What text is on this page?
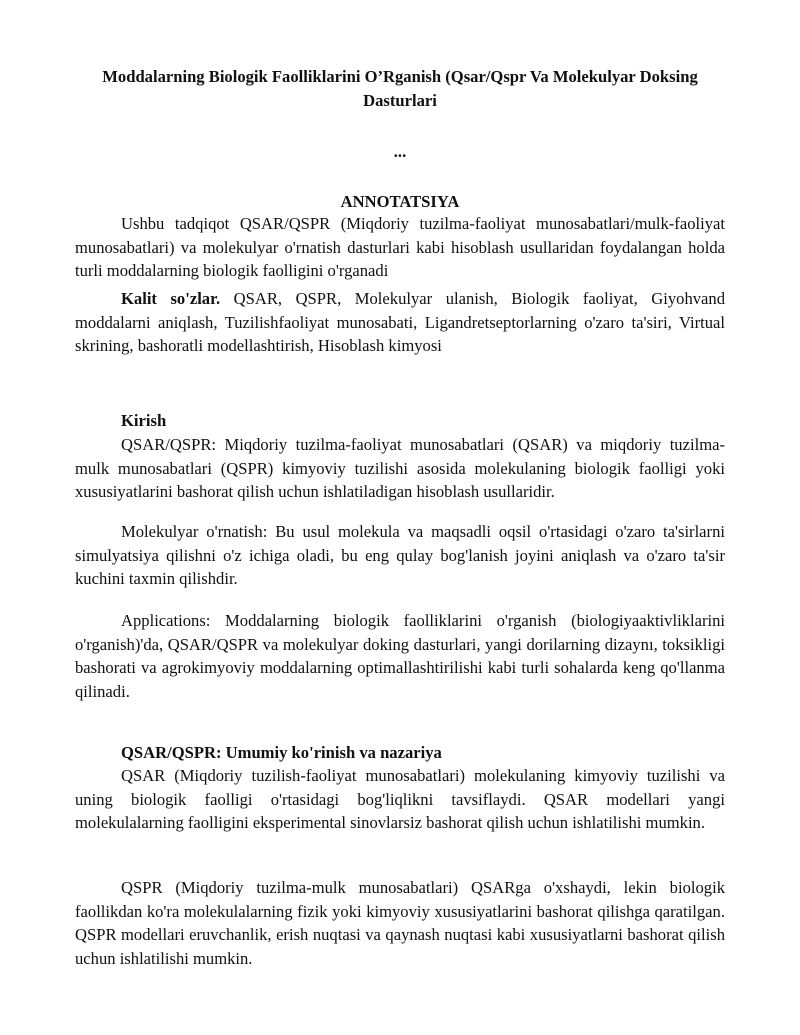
Moddalarning Biologik Faolliklarini O’Rganish (Qsar/Qspr Va Molekulyar Doksing Dasturlari
...
ANNOTATSIYA

Ushbu tadqiqot QSAR/QSPR (Miqdoriy tuzilma-faoliyat munosabatlari/mulk-faoliyat munosabatlari) va molekulyar o'rnatish dasturlari kabi hisoblash usullaridan foydalangan holda turli moddalarning biologik faolligini o'rganadi

Kalit so'zlar. QSAR, QSPR, Molekulyar ulanish, Biologik faoliyat, Giyohvand moddalarni aniqlash, Tuzilishfaoliyat munosabati, Ligandretseptorlarning o'zaro ta'siri, Virtual skrining, bashoratli modellashtirish, Hisoblash kimyosi

Kirish

QSAR/QSPR: Miqdoriy tuzilma-faoliyat munosabatlari (QSAR) va miqdoriy tuzilma-mulk munosabatlari (QSPR) kimyoviy tuzilishi asosida molekulaning biologik faolligi yoki xususiyatlarini bashorat qilish uchun ishlatiladigan hisoblash usullaridir.

Molekulyar o'rnatish: Bu usul molekula va maqsadli oqsil o'rtasidagi o'zaro ta'sirlarni simulyatsiya qilishni o'z ichiga oladi, bu eng qulay bog'lanish joyini aniqlash va o'zaro ta'sir kuchini taxmin qilishdir.

Applications: Moddalarning biologik faolliklarini o'rganish (biologiyaaktivliklarini o'rganish)'da, QSAR/QSPR va molekulyar doking dasturlari, yangi dorilarning dizaynı, toksikligi bashorati va agrokimyoviy moddalarning optimallashtirilishi kabi turli sohalarda keng qo'llanma qilinadi.

QSAR/QSPR: Umumiy ko'rinish va nazariya

QSAR (Miqdoriy tuzilish-faoliyat munosabatlari) molekulaning kimyoviy tuzilishi va uning biologik faolligi o'rtasidagi bog'liqlikni tavsiflaydi. QSAR modellari yangi molekulalarning faolligini eksperimental sinovlarsiz bashorat qilish uchun ishlatilishi mumkin.

QSPR (Miqdoriy tuzilma-mulk munosabatlari) QSARga o'xshaydi, lekin biologik faollikdan ko'ra molekulalarning fizik yoki kimyoviy xususiyatlarini bashorat qilishga qaratilgan. QSPR modellari eruvchanlik, erish nuqtasi va qaynash nuqtasi kabi xususiyatlarni bashorat qilish uchun ishlatilishi mumkin.
